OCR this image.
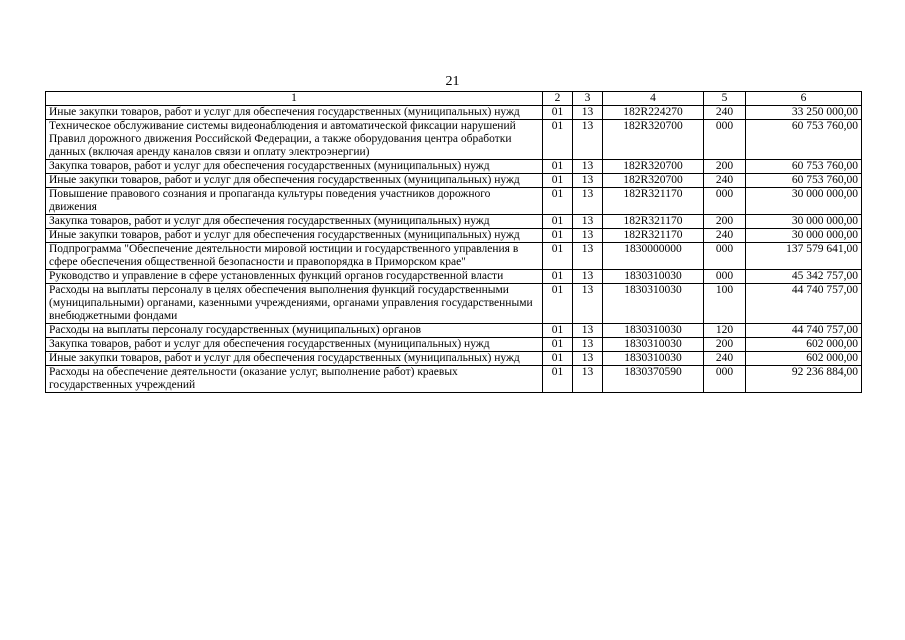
21
1	2	3	4	5	6
Иные закупки товаров, работ и услуг для обеспечения государственных (муниципальных) нужд	01	13	182R224270	240	33 250 000,00
Техническое обслуживание системы видеонаблюдения и автоматической фиксации нарушений Правил дорожного движения Российской Федерации, а также оборудования центра обработки данных (включая аренду каналов связи и оплату электроэнергии)	01	13	182R320700	000	60 753 760,00
Закупка товаров, работ и услуг для обеспечения государственных (муниципальных) нужд	01	13	182R320700	200	60 753 760,00
Иные закупки товаров, работ и услуг для обеспечения государственных (муниципальных) нужд	01	13	182R320700	240	60 753 760,00
Повышение правового сознания и пропаганда культуры поведения участников дорожного движения	01	13	182R321170	000	30 000 000,00
Закупка товаров, работ и услуг для обеспечения государственных (муниципальных) нужд	01	13	182R321170	200	30 000 000,00
Иные закупки товаров, работ и услуг для обеспечения государственных (муниципальных) нужд	01	13	182R321170	240	30 000 000,00
Подпрограмма "Обеспечение деятельности мировой юстиции и государственного управления в сфере обеспечения общественной безопасности и правопорядка в Приморском крае"	01	13	1830000000	000	137 579 641,00
Руководство и управление в сфере установленных функций органов государственной власти	01	13	1830310030	000	45 342 757,00
Расходы на выплаты персоналу в целях обеспечения выполнения функций государственными (муниципальными) органами, казенными учреждениями, органами управления государственными внебюджетными фондами	01	13	1830310030	100	44 740 757,00
Расходы на выплаты персоналу государственных (муниципальных) органов	01	13	1830310030	120	44 740 757,00
Закупка товаров, работ и услуг для обеспечения государственных (муниципальных) нужд	01	13	1830310030	200	602 000,00
Иные закупки товаров, работ и услуг для обеспечения государственных (муниципальных) нужд	01	13	1830310030	240	602 000,00
Расходы на обеспечение деятельности (оказание услуг, выполнение работ) краевых государственных учреждений	01	13	1830370590	000	92 236 884,00
